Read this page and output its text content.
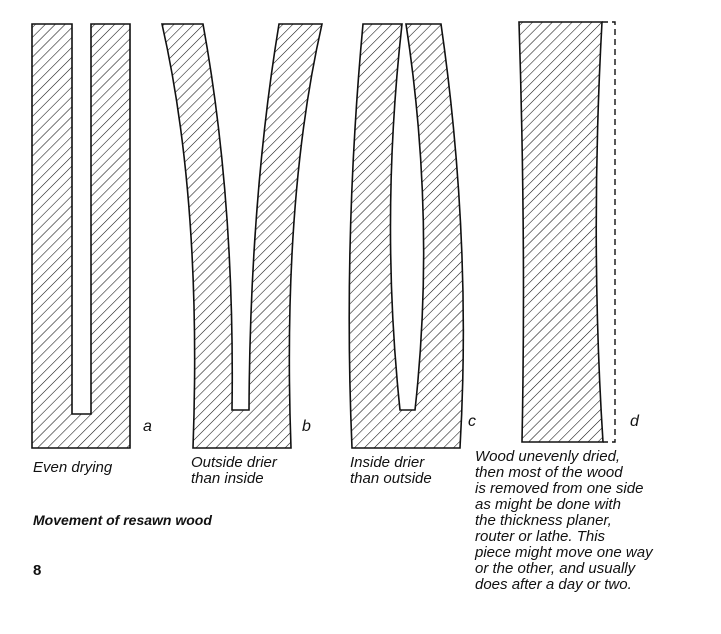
a	b	c	d
Even drying	Outside drier
than inside
Inside drier
than outside
Wood unevenly dried,
then most of the wood
is removed from one side
as might be done with
the thickness planer,
router or lathe. This
piece might move one way
or the other, and usually
does after a day or two.
Movement of resawn wood
8
